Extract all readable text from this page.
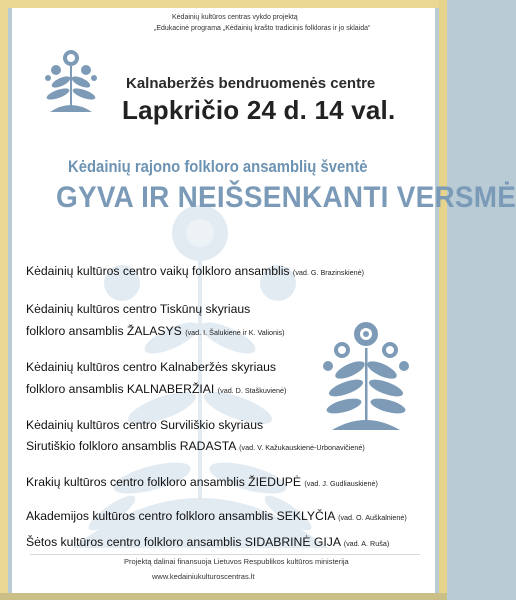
Kėdainių kultūros centras vykdo projektą
„Edukacinė programa „Kėdainių krašto tradicinis folkloras ir jo sklaida“
Kalnaberžės bendruomenės centre
Lapkričio 24 d. 14 val.
Kėdainių rajono folkloro ansamblių šventė
GYVA IR NEIŠSENKANTI VERSMĖ
Kėdainių kultūros centro vaikų folkloro ansamblis (vad. G. Brazinskienė)
Kėdainių kultūros centro Tiskūnų skyriaus
folkloro ansamblis ŽALASYS (vad. I. Šalukienė ir K. Valionis)
Kėdainių kultūros centro Kalnaberžės skyriaus
folkloro ansamblis KALNABERŽIAI (vad. D. Staškuvienė)
Kėdainių kultūros centro Surviliškio skyriaus
Sirutiškio folkloro ansamblis RADASTA (vad. V. Kažukauskienė-Urbonavičienė)
Krakių kultūros centro folkloro ansamblis ŽIEDUPĖ (vad. J. Gudliauskienė)
Akademijos kultūros centro folkloro ansamblis SEKLYČIA (vad. O. Auškalnienė)
Šėtos kultūros centro folkloro ansamblis SIDABRINĖ GIJA (vad. A. Ruša)
Projektą dalinai finansuoja Lietuvos Respublikos kultūros ministerija
www.kedainiukulturoscentras.lt
